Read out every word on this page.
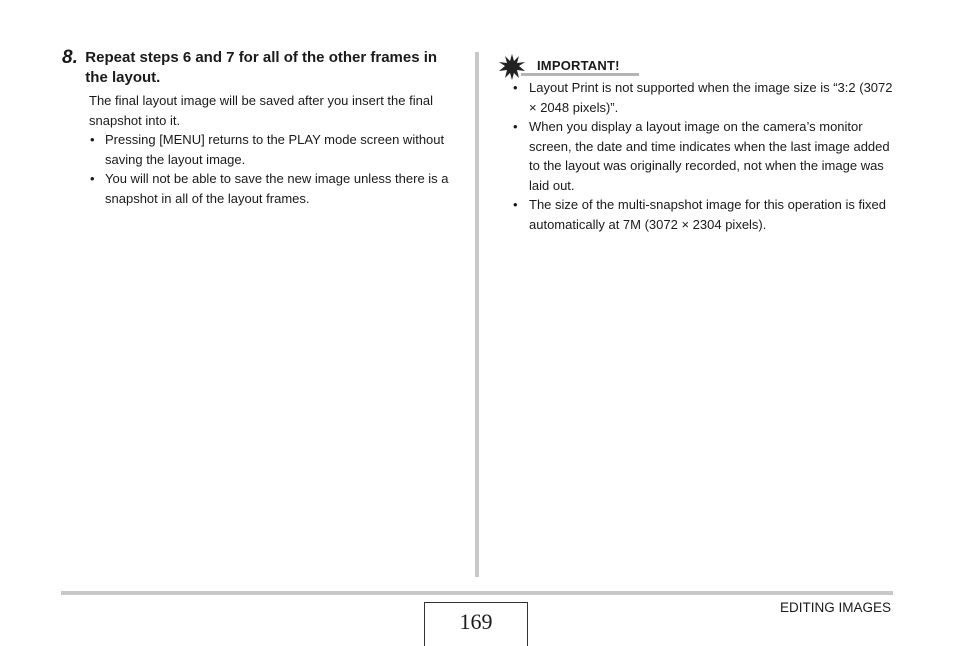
8. Repeat steps 6 and 7 for all of the other frames in the layout.

The final layout image will be saved after you insert the final snapshot into it.

• Pressing [MENU] returns to the PLAY mode screen without saving the layout image.
• You will not be able to save the new image unless there is a snapshot in all of the layout frames.
IMPORTANT!
• Layout Print is not supported when the image size is “3:2 (3072 × 2048 pixels)”.
• When you display a layout image on the camera’s monitor screen, the date and time indicates when the last image added to the layout was originally recorded, not when the image was laid out.
• The size of the multi-snapshot image for this operation is fixed automatically at 7M (3072 × 2304 pixels).
169
EDITING IMAGES
